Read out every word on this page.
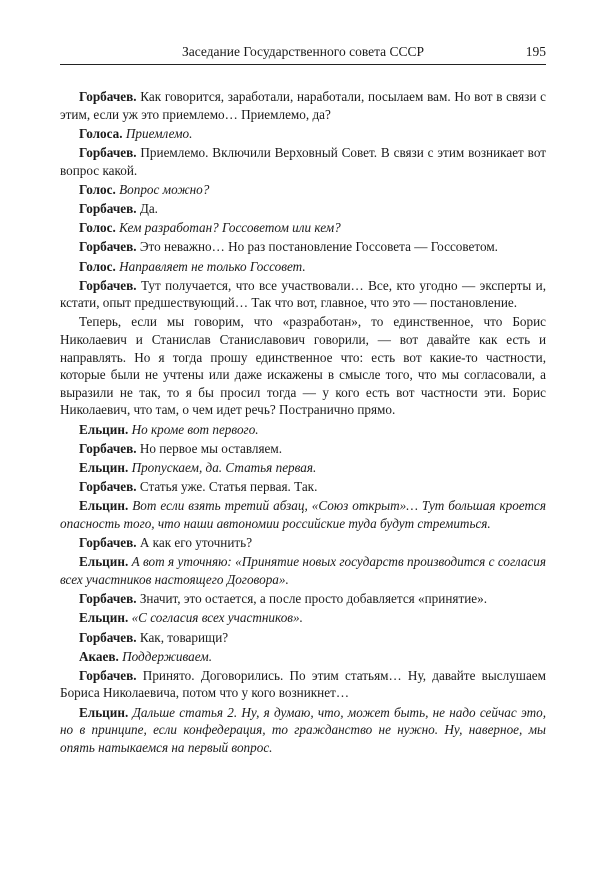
Заседание Государственного совета СССР	195

Горбачев. Как говорится, заработали, наработали, посылаем вам. Но вот в связи с этим, если уж это приемлемо… Приемлемо, да?

Голоса. Приемлемо.

Горбачев. Приемлемо. Включили Верховный Совет. В связи с этим возникает вот вопрос какой.

Голос. Вопрос можно?

Горбачев. Да.

Голос. Кем разработан? Госсоветом или кем?

Горбачев. Это неважно… Но раз постановление Госсовета — Госсоветом.

Голос. Направляет не только Госсовет.

Горбачев. Тут получается, что все участвовали… Все, кто угодно — эксперты и, кстати, опыт предшествующий… Так что вот, главное, что это — постановление.

Теперь, если мы говорим, что «разработан», то единственное, что Борис Николаевич и Станислав Станиславович говорили, — вот давайте как есть и направлять. Но я тогда прошу единственное что: есть вот какие-то частности, которые были не учтены или даже искажены в смысле того, что мы согласовали, а выразили не так, то я бы просил тогда — у кого есть вот частности эти. Борис Николаевич, что там, о чем идет речь? Постранично прямо.

Ельцин. Но кроме вот первого.

Горбачев. Но первое мы оставляем.

Ельцин. Пропускаем, да. Статья первая.

Горбачев. Статья уже. Статья первая. Так.

Ельцин. Вот если взять третий абзац, «Союз открыт»… Тут большая кроется опасность того, что наши автономии российские туда будут стремиться.

Горбачев. А как его уточнить?

Ельцин. А вот я уточняю: «Принятие новых государств производится с согласия всех участников настоящего Договора».

Горбачев. Значит, это остается, а после просто добавляется «принятие».

Ельцин. «С согласия всех участников».

Горбачев. Как, товарищи?

Акаев. Поддерживаем.

Горбачев. Принято. Договорились. По этим статьям… Ну, давайте выслушаем Бориса Николаевича, потом что у кого возникнет…

Ельцин. Дальше статья 2. Ну, я думаю, что, может быть, не надо сейчас это, но в принципе, если конфедерация, то гражданство не нужно. Ну, наверное, мы опять натыкаемся на первый вопрос.
